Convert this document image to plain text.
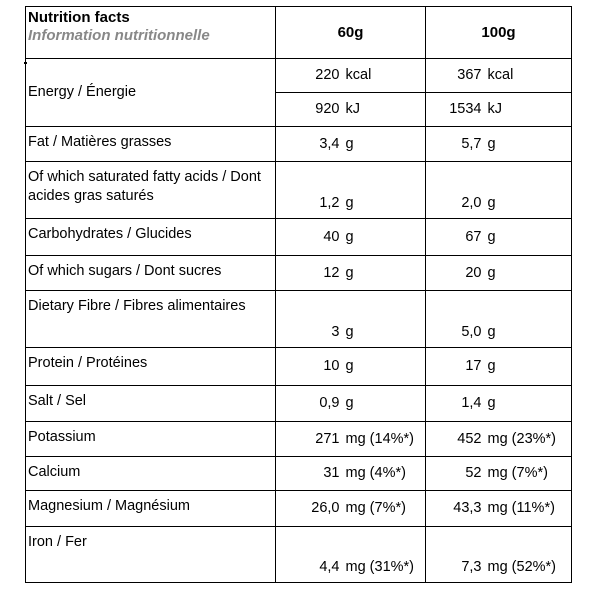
Nutrition facts
Information nutritionnelle	60g		100g	
Energy / Énergie	220	kcal	367	kcal
	920	kJ	1534	kJ
Fat / Matières grasses	3,4	g	5,7	g
Of which saturated fatty acids / Dont acides gras saturés	1,2	g	2,0	g
Carbohydrates / Glucides	40	g	67	g
Of which sugars / Dont sucres	12	g	20	g
Dietary Fibre / Fibres alimentaires	3	g	5,0	g
Protein / Protéines	10	g	17	g
Salt / Sel	0,9	g	1,4	g
Potassium	271	mg (14%*)	452	mg (23%*)
Calcium	31	mg (4%*)	52	mg (7%*)
Magnesium / Magnésium	26,0	mg (7%*)	43,3	mg (11%*)
Iron / Fer	4,4	mg (31%*)	7,3	mg (52%*)
